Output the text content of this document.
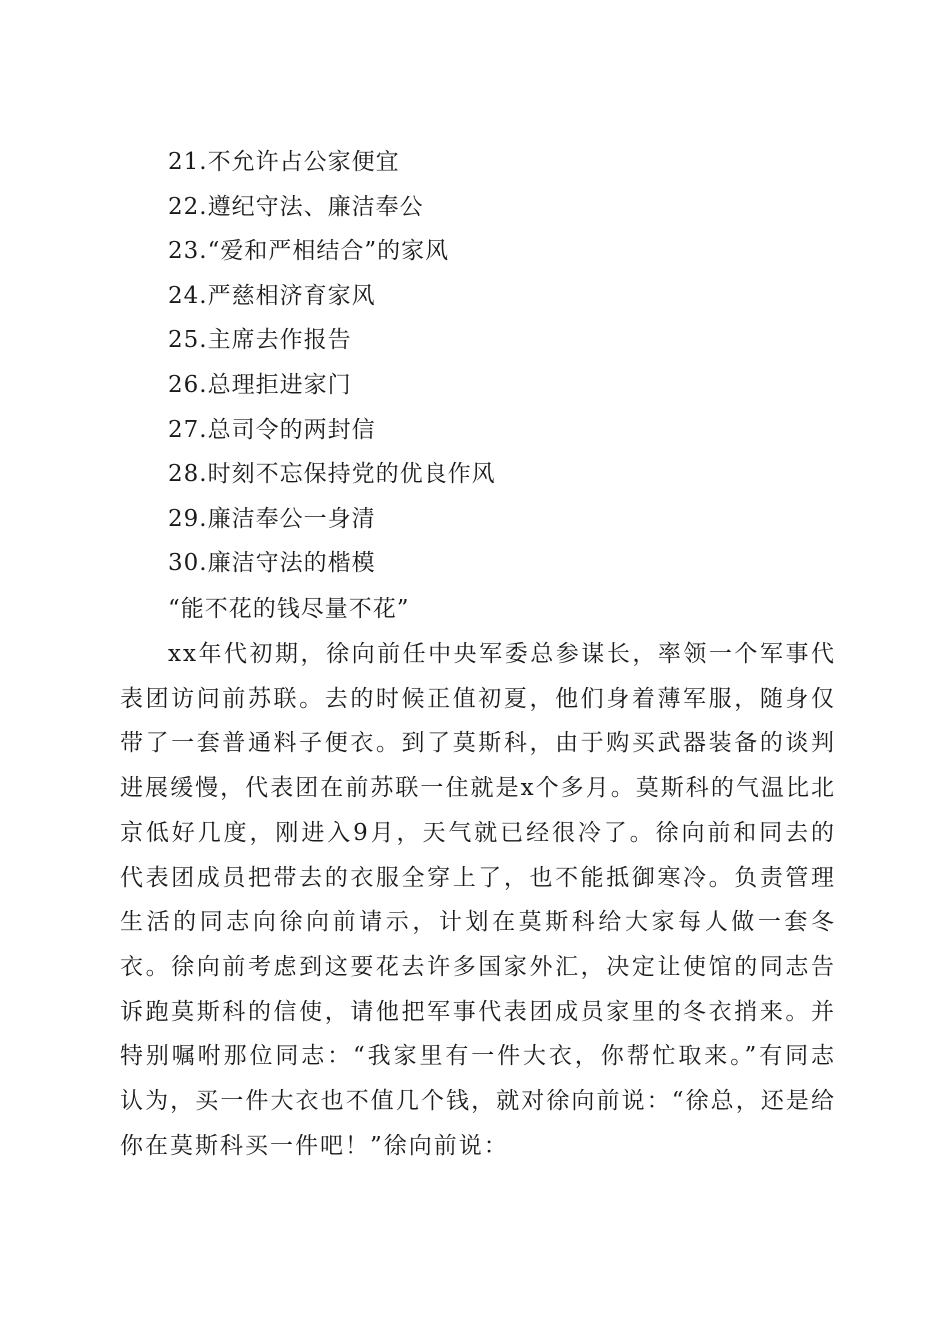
21.不允许占公家便宜
22.遵纪守法、廉洁奉公
23.“爱和严相结合”的家风
24.严慈相济育家风
25.主席去作报告
26.总理拒进家门
27.总司令的两封信
28.时刻不忘保持党的优良作风
29.廉洁奉公一身清
30.廉洁守法的楷模
“能不花的钱尽量不花”

xx年代初期，徐向前任中央军委总参谋长，率领一个军事代表团访问前苏联。去的时候正值初夏，他们身着薄军服，随身仅带了一套普通料子便衣。到了莫斯科，由于购买武器装备的谈判进展缓慢，代表团在前苏联一住就是x个多月。莫斯科的气温比北京低好几度，刚进入9月，天气就已经很冷了。徐向前和同去的代表团成员把带去的衣服全穿上了，也不能抵御寒冷。负责管理生活的同志向徐向前请示，计划在莫斯科给大家每人做一套冬衣。徐向前考虑到这要花去许多国家外汇，决定让使馆的同志告诉跑莫斯科的信使，请他把军事代表团成员家里的冬衣捎来。并特别嘱咐那位同志：“我家里有一件大衣，你帮忙取来。”有同志认为，买一件大衣也不值几个钱，就对徐向前说：“徐总，还是给你在莫斯科买一件吧！”徐向前说：
